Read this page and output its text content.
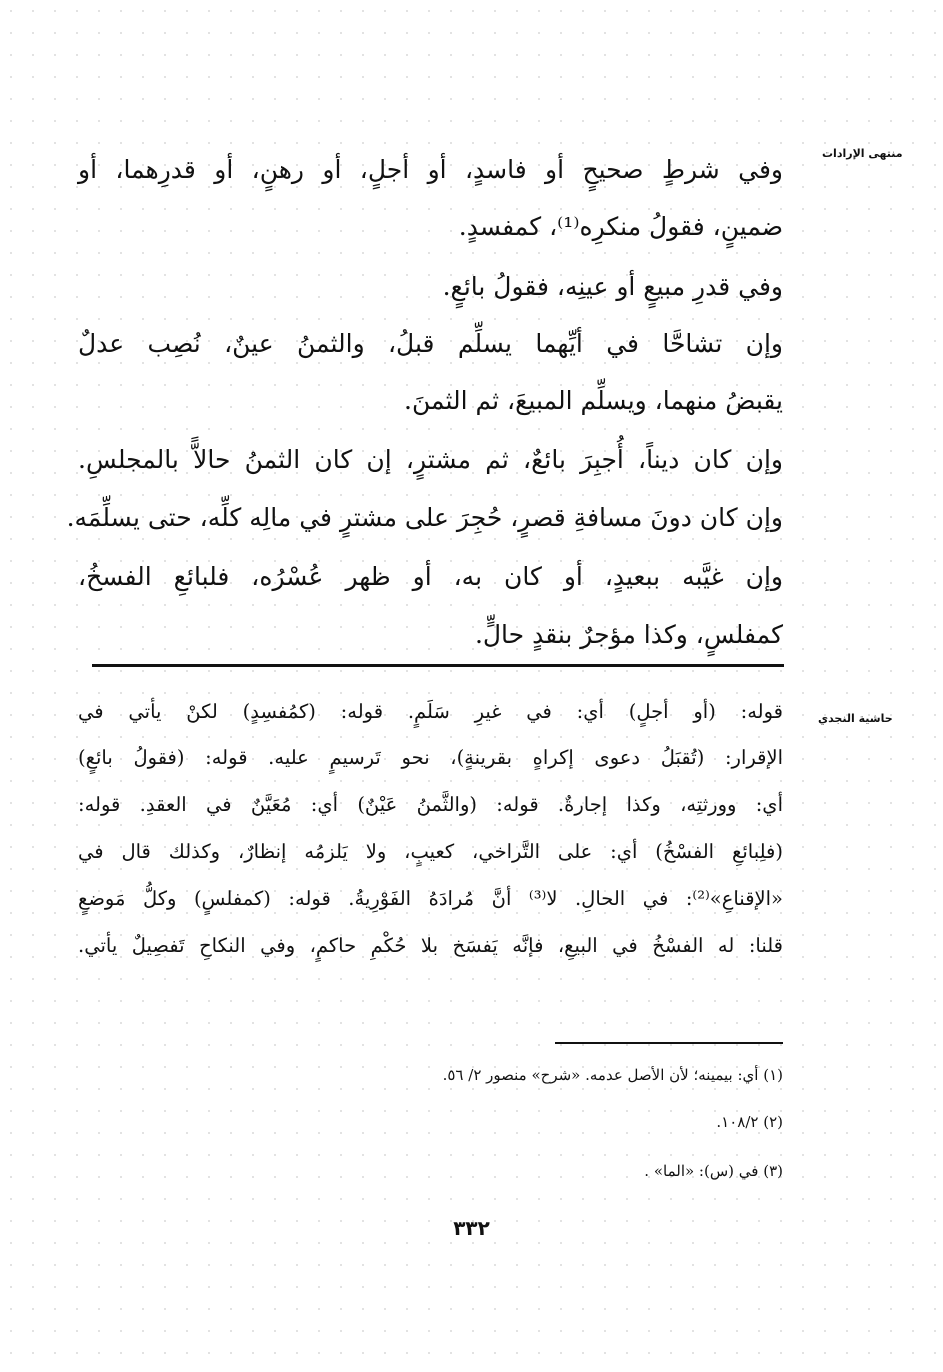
منتهى الإرادات
حاشية النجدي
وفي شرطٍ صحيحٍ أو فاسدٍ، أو أجلٍ، أو رهنٍ، أو قدرِهما، أو
ضمينٍ، فقولُ منكرِه⁽¹⁾، كمفسدٍ.
وفي قدرِ مبيعٍ أو عينِه، فقولُ بائعٍ.
وإن تشاحَّا في أيِّهما يسلِّم قبلُ، والثمنُ عينٌ، نُصِب عدلٌ
يقبضُ منهما، ويسلِّم المبيعَ، ثم الثمنَ.
وإن كان ديناً، أُجبِرَ بائعٌ، ثم مشترٍ، إن كان الثمنُ حالاًّ بالمجلسِ.
وإن كان دونَ مسافةِ قصرٍ، حُجِرَ على مشترٍ في مالِه كلِّه، حتى يسلِّمَه.
وإن غيَّبه ببعيدٍ، أو كان به، أو ظهر عُسْرُه، فلبائعِ الفسخُ،
كمفلسٍ، وكذا مؤجرٌ بنقدٍ حالٍّ.
قوله: (أو أجلٍ) أي: في غيرِ سَلَمٍ. قوله: (كمُفسِدٍ) لكنْ يأتي في
الإقرار: (تُقبَلُ دعوى إكراهٍ بقرينةٍ)، نحو تَرسيمٍ عليه. قوله: (فقولُ بائعٍ)
أي: وورثتِه، وكذا إجارةٌ. قوله: (والثَّمنُ عَيْنٌ) أي: مُعَيَّنٌ في العقدِ. قوله:
(فلِبائعِ الفسْخُ) أي: على التَّراخي، كعيبٍ، ولا يَلزمُه إنظارٌ، وكذلك قال في
«الإقناعِ»⁽²⁾: في الحالِ. لا⁽³⁾ أنَّ مُرادَهُ الفَوْرِيةُ. قوله: (كمفلسٍ) وكلُّ مَوضعٍ
قلنا: له الفسْخُ في البيعِ، فإنَّه يَفسَخ بلا حُكْمِ حاكمٍ، وفي النكاحِ تَفصِيلٌ يأتي.
(١) أي: بيمينه؛ لأن الأصل عدمه. «شرح» منصور ٢/ ٥٦.
(٢) ١٠٨/٢.
(٣) في (س): «الما» .
٣٣٢
